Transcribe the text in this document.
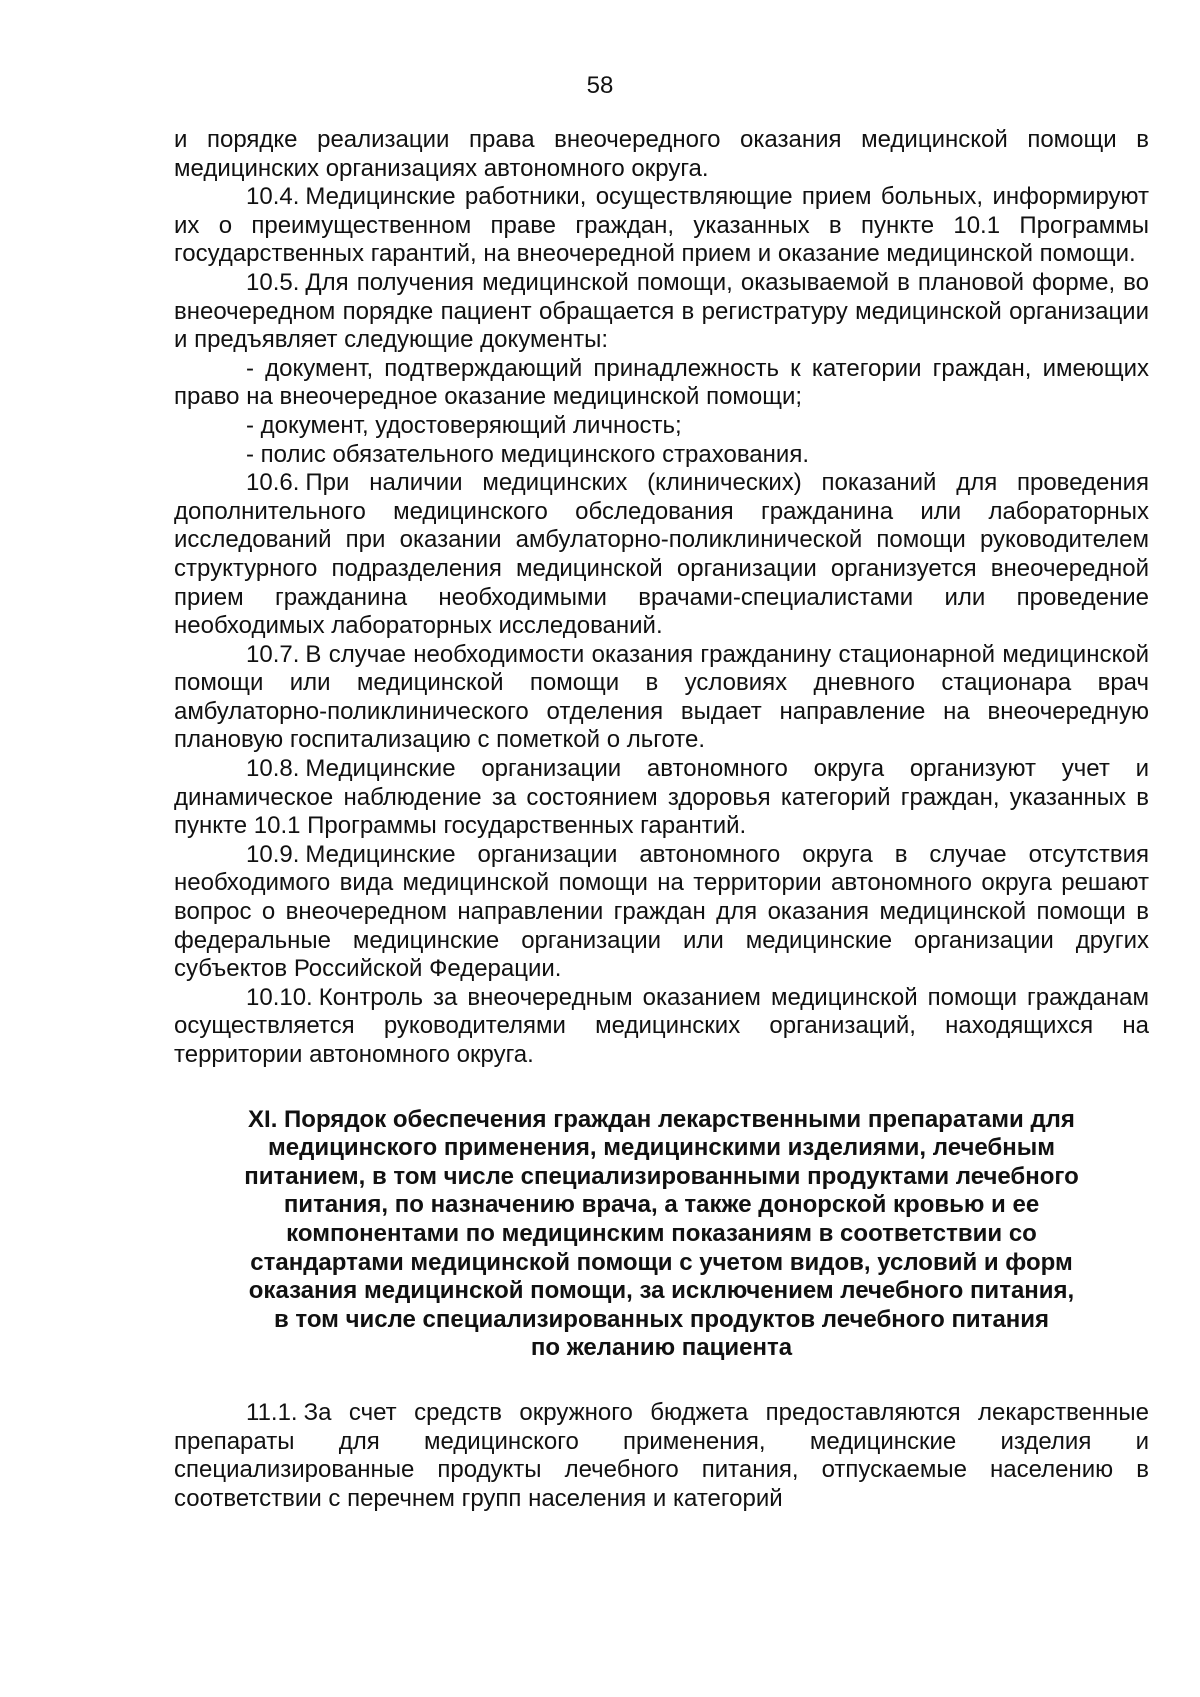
58

и порядке реализации права внеочередного оказания медицинской помощи в медицинских организациях автономного округа.

10.4. Медицинские работники, осуществляющие прием больных, информируют их о преимущественном праве граждан, указанных в пункте 10.1 Программы государственных гарантий, на внеочередной прием и оказание медицинской помощи.

10.5. Для получения медицинской помощи, оказываемой в плановой форме, во внеочередном порядке пациент обращается в регистратуру медицинской организации и предъявляет следующие документы:

- документ, подтверждающий принадлежность к категории граждан, имеющих право на внеочередное оказание медицинской помощи;

- документ, удостоверяющий личность;

- полис обязательного медицинского страхования.

10.6. При наличии медицинских (клинических) показаний для проведения дополнительного медицинского обследования гражданина или лабораторных исследований при оказании амбулаторно-поликлинической помощи руководителем структурного подразделения медицинской организации организуется внеочередной прием гражданина необходимыми врачами-специалистами или проведение необходимых лабораторных исследований.

10.7. В случае необходимости оказания гражданину стационарной медицинской помощи или медицинской помощи в условиях дневного стационара врач амбулаторно-поликлинического отделения выдает направление на внеочередную плановую госпитализацию с пометкой о льготе.

10.8. Медицинские организации автономного округа организуют учет и динамическое наблюдение за состоянием здоровья категорий граждан, указанных в пункте 10.1 Программы государственных гарантий.

10.9. Медицинские организации автономного округа в случае отсутствия необходимого вида медицинской помощи на территории автономного округа решают вопрос о внеочередном направлении граждан для оказания медицинской помощи в федеральные медицинские организации или медицинские организации других субъектов Российской Федерации.

10.10. Контроль за внеочередным оказанием медицинской помощи гражданам осуществляется руководителями медицинских организаций, находящихся на территории автономного округа.

XI. Порядок обеспечения граждан лекарственными препаратами для
медицинского применения, медицинскими изделиями, лечебным
питанием, в том числе специализированными продуктами лечебного
питания, по назначению врача, а также донорской кровью и ее
компонентами по медицинским показаниям в соответствии со
стандартами медицинской помощи с учетом видов, условий и форм
оказания медицинской помощи, за исключением лечебного питания,
в том числе специализированных продуктов лечебного питания
по желанию пациента

11.1. За счет средств окружного бюджета предоставляются лекарственные препараты для медицинского применения, медицинские изделия и специализированные продукты лечебного питания, отпускаемые населению в соответствии с перечнем групп населения и категорий
